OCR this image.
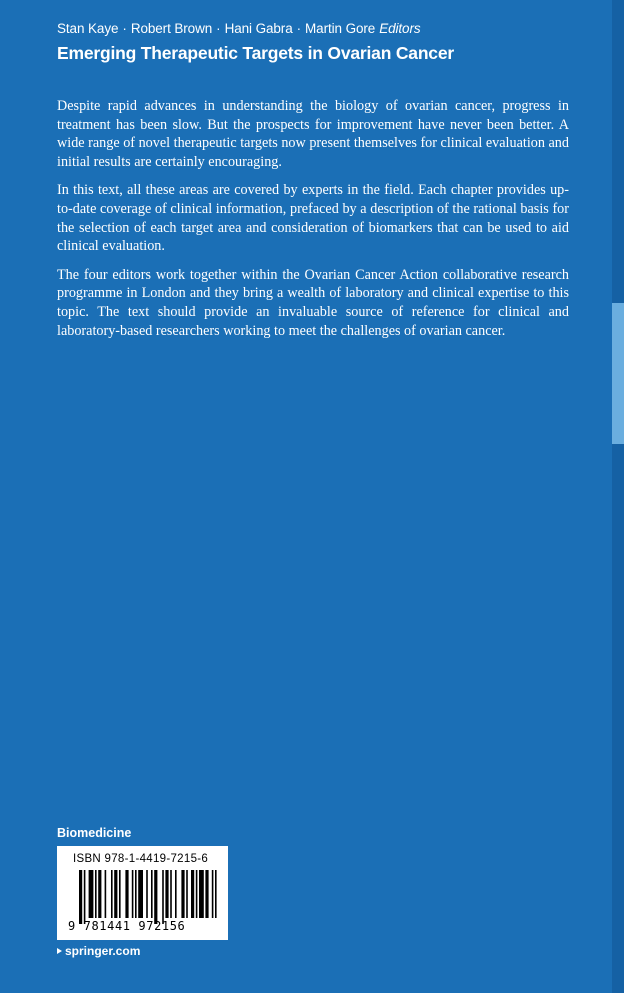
Stan Kaye · Robert Brown · Hani Gabra · Martin Gore Editors
Emerging Therapeutic Targets in Ovarian Cancer

Despite rapid advances in understanding the biology of ovarian cancer, progress in treatment has been slow. But the prospects for improvement have never been better. A wide range of novel therapeutic targets now present themselves for clinical evaluation and initial results are certainly encouraging.

In this text, all these areas are covered by experts in the field. Each chapter provides up-to-date coverage of clinical information, prefaced by a description of the rational basis for the selection of each target area and consideration of biomarkers that can be used to aid clinical evaluation.

The four editors work together within the Ovarian Cancer Action collaborative research programme in London and they bring a wealth of laboratory and clinical expertise to this topic. The text should provide an invaluable source of reference for clinical and laboratory-based researchers working to meet the challenges of ovarian cancer.

Biomedicine
ISBN 978-1-4419-7215-6
9 781441 972156
springer.com
